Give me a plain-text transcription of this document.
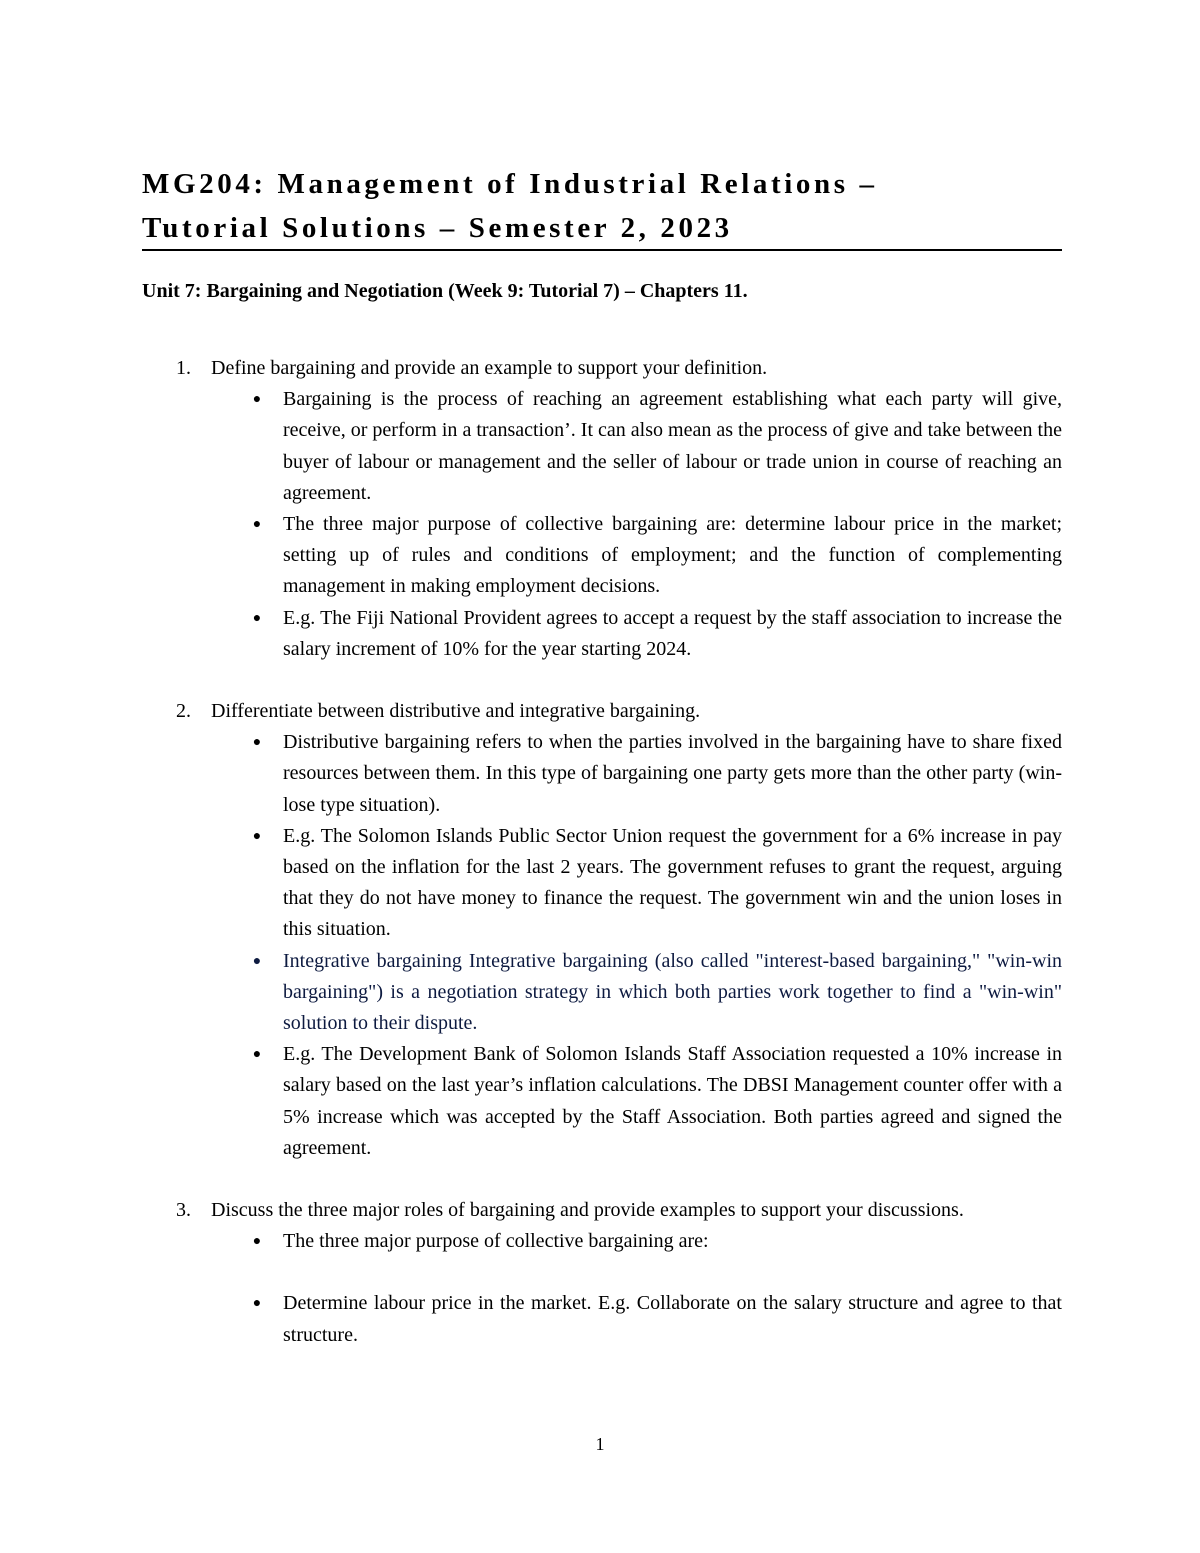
MG204: Management of Industrial Relations –
Tutorial Solutions – Semester 2, 2023

Unit 7: Bargaining and Negotiation (Week 9: Tutorial 7) – Chapters 11.

1. Define bargaining and provide an example to support your definition.
● Bargaining is the process of reaching an agreement establishing what each party will give, receive, or perform in a transaction’. It can also mean as the process of give and take between the buyer of labour or management and the seller of labour or trade union in course of reaching an agreement.
● The three major purpose of collective bargaining are: determine labour price in the market; setting up of rules and conditions of employment; and the function of complementing management in making employment decisions.
● E.g. The Fiji National Provident agrees to accept a request by the staff association to increase the salary increment of 10% for the year starting 2024.
2. Differentiate between distributive and integrative bargaining.
● Distributive bargaining refers to when the parties involved in the bargaining have to share fixed resources between them. In this type of bargaining one party gets more than the other party (win-lose type situation).
● E.g. The Solomon Islands Public Sector Union request the government for a 6% increase in pay based on the inflation for the last 2 years. The government refuses to grant the request, arguing that they do not have money to finance the request. The government win and the union loses in this situation.
● Integrative bargaining Integrative bargaining (also called "interest-based bargaining," "win-win bargaining") is a negotiation strategy in which both parties work together to find a "win-win" solution to their dispute.
● E.g. The Development Bank of Solomon Islands Staff Association requested a 10% increase in salary based on the last year’s inflation calculations. The DBSI Management counter offer with a 5% increase which was accepted by the Staff Association. Both parties agreed and signed the agreement.
3. Discuss the three major roles of bargaining and provide examples to support your discussions.
● The three major purpose of collective bargaining are:
● Determine labour price in the market. E.g. Collaborate on the salary structure and agree to that structure.
1
